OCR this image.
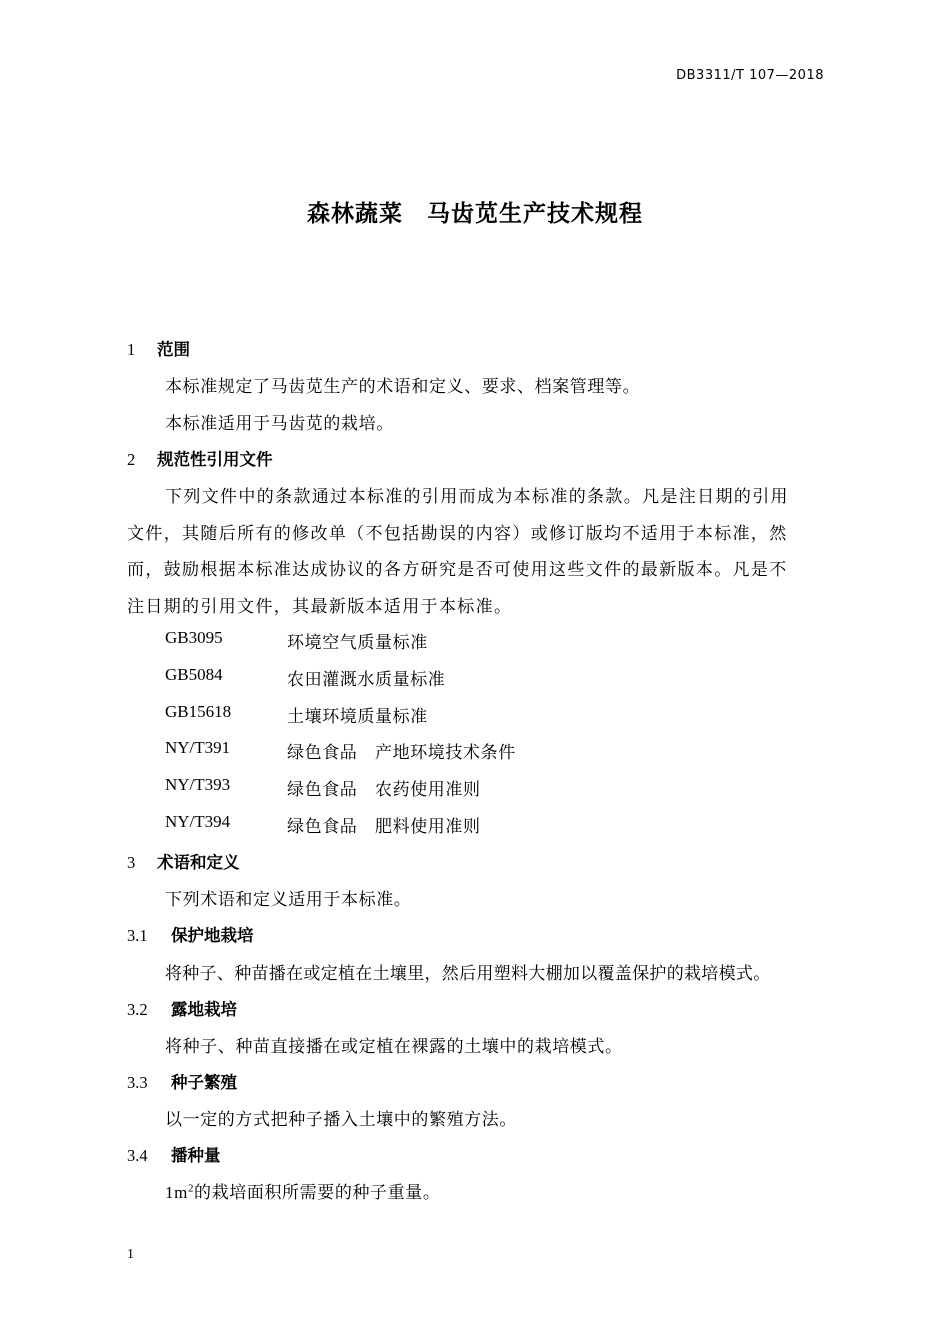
DB3311/T 107—2018
森林蔬菜　马齿苋生产技术规程
1 范围
本标准规定了马齿苋生产的术语和定义、要求、档案管理等。
本标准适用于马齿苋的栽培。
2 规范性引用文件
下列文件中的条款通过本标准的引用而成为本标准的条款。凡是注日期的引用
文件，其随后所有的修改单（不包括勘误的内容）或修订版均不适用于本标准，然
而，鼓励根据本标准达成协议的各方研究是否可使用这些文件的最新版本。凡是不
注日期的引用文件，其最新版本适用于本标准。
GB3095	环境空气质量标准
GB5084	农田灌溉水质量标准
GB15618	土壤环境质量标准
NY/T391	绿色食品　产地环境技术条件
NY/T393	绿色食品　农药使用准则
NY/T394	绿色食品　肥料使用准则
3 术语和定义
下列术语和定义适用于本标准。
3.1 保护地栽培
将种子、种苗播在或定植在土壤里，然后用塑料大棚加以覆盖保护的栽培模式。
3.2 露地栽培
将种子、种苗直接播在或定植在裸露的土壤中的栽培模式。
3.3 种子繁殖
以一定的方式把种子播入土壤中的繁殖方法。
3.4 播种量
$1m^2$的栽培面积所需要的种子重量。
1
